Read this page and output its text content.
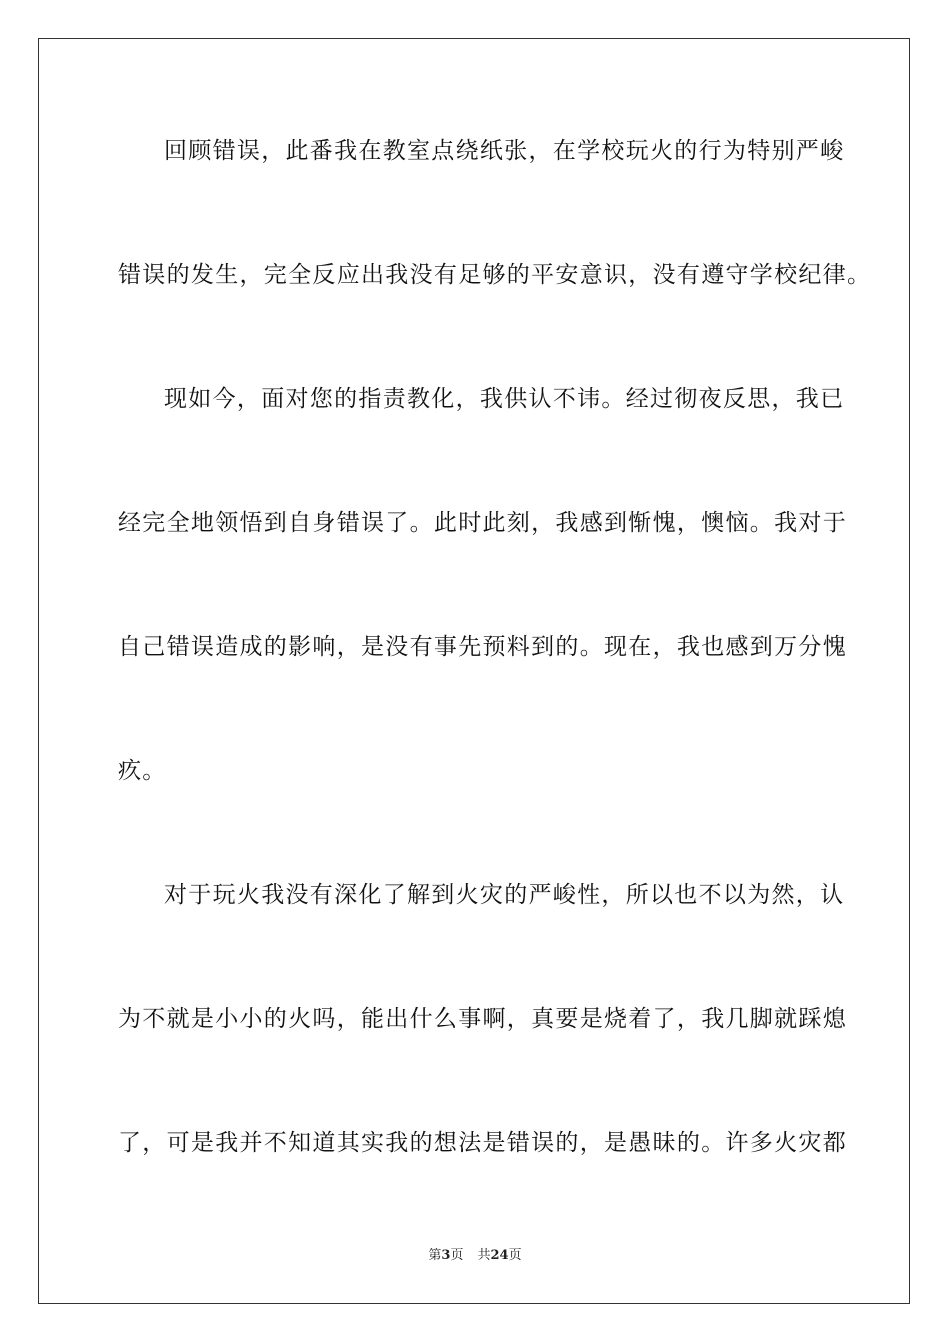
回顾错误，此番我在教室点绕纸张，在学校玩火的行为特别严峻
错误的发生，完全反应出我没有足够的平安意识，没有遵守学校纪律。
现如今，面对您的指责教化，我供认不讳。经过彻夜反思，我已
经完全地领悟到自身错误了。此时此刻，我感到惭愧，懊恼。我对于
自己错误造成的影响，是没有事先预料到的。现在，我也感到万分愧
疚。
对于玩火我没有深化了解到火灾的严峻性，所以也不以为然，认
为不就是小小的火吗，能出什么事啊，真要是烧着了，我几脚就踩熄
了，可是我并不知道其实我的想法是错误的，是愚昧的。许多火灾都
第3页 共24页
